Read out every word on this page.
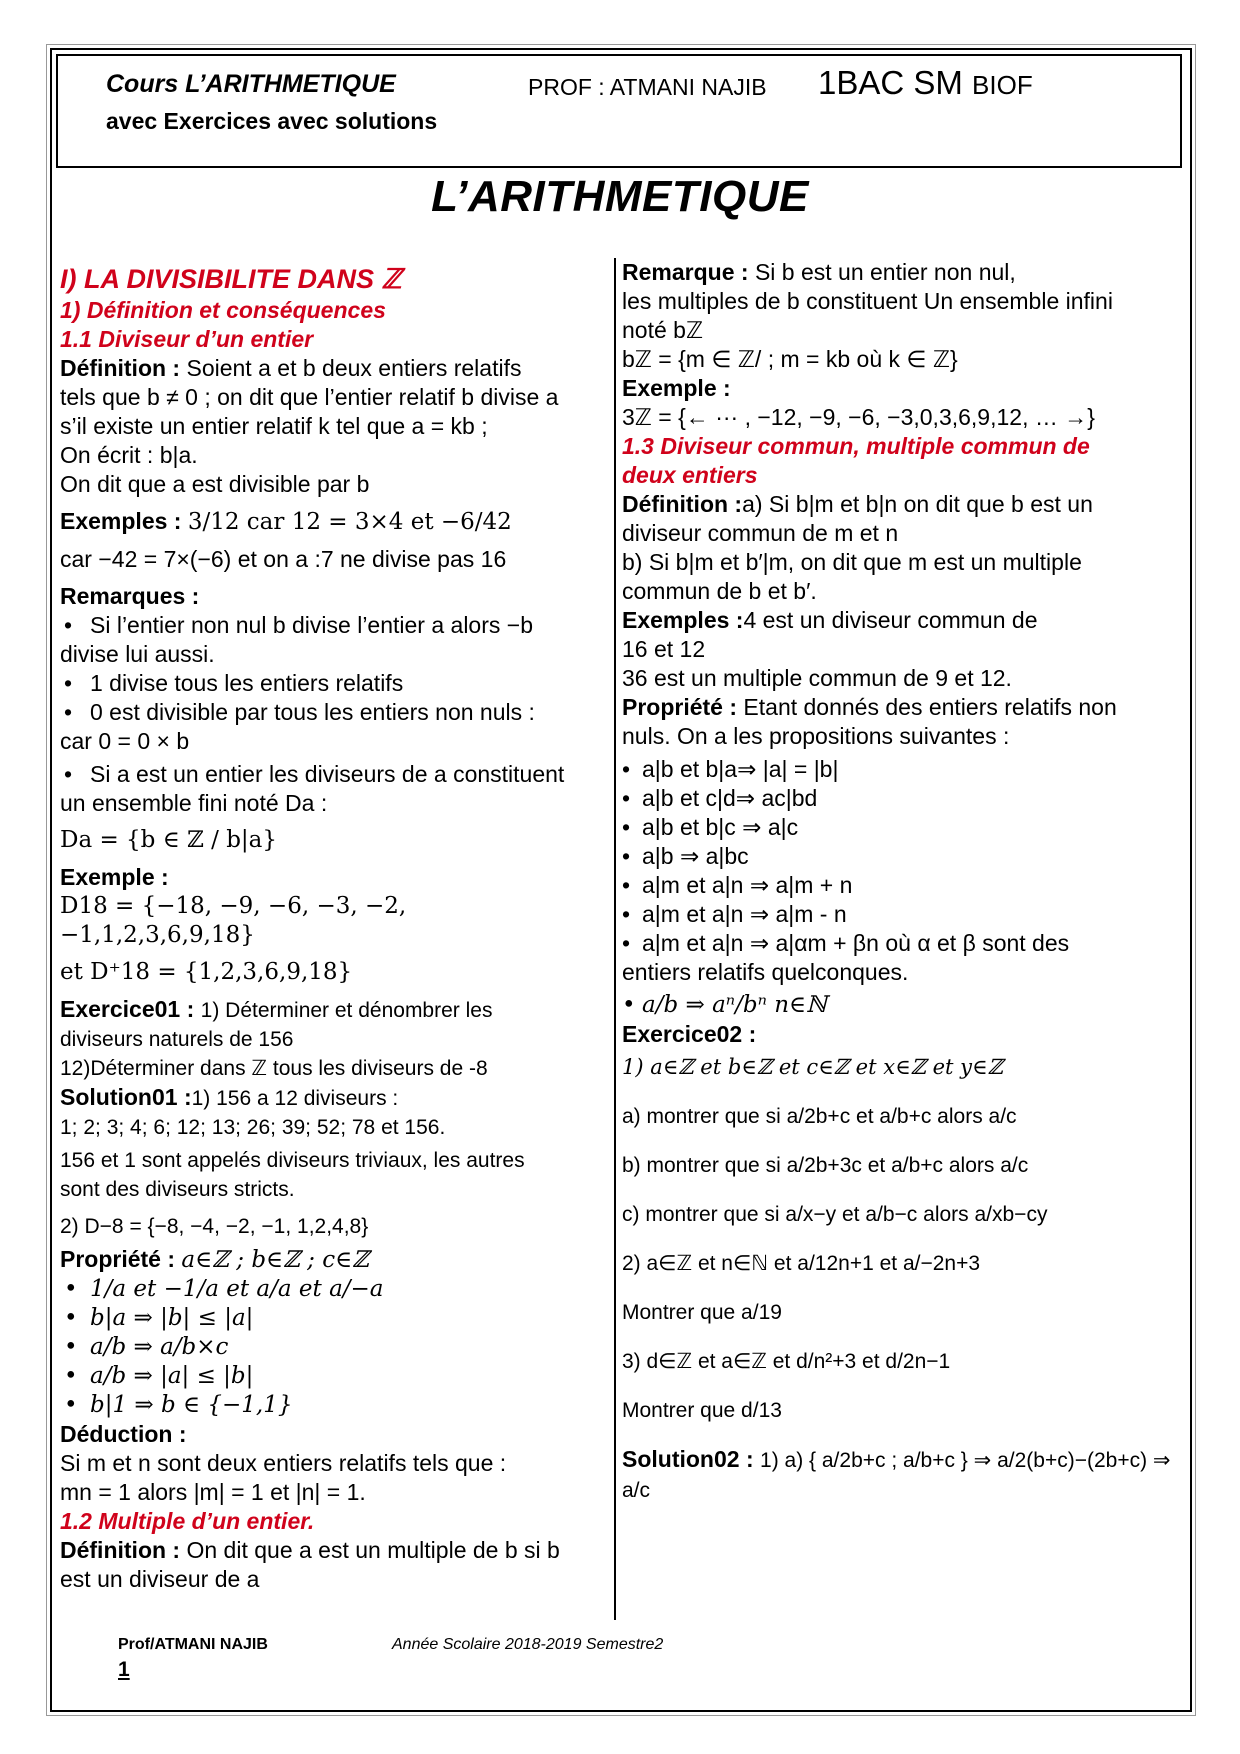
Cours L’ARITHMETIQUE	PROF : ATMANI NAJIB 1BAC SM BIOF
avec Exercices avec solutions
L’ARITHMETIQUE

I) LA DIVISIBILITE DANS ℤ

1) Définition et conséquences

1.1 Diviseur d’un entier

Définition : Soient a et b deux entiers relatifs

tels que b ≠ 0 ; on dit que l’entier relatif b divise a

s’il existe un entier relatif k tel que a = kb ;

On écrit : b|a.

On dit que a est divisible par b

Exemples : 3/12 car 12 = 3×4 et −6/42

car −42 = 7×(−6) et on a :7 ne divise pas 16

Remarques :

• Si l’entier non nul b divise l’entier a alors −b

divise lui aussi.

• 1 divise tous les entiers relatifs
• 0 est divisible par tous les entiers non nuls :

car 0 = 0 × b

• Si a est un entier les diviseurs de a constituent

un ensemble fini noté Da :

Da = {b ∈ ℤ / b|a}

Exemple :

D18 = {−18, −9, −6, −3, −2, −1,1,2,3,6,9,18}

et D⁺18 = {1,2,3,6,9,18}

Exercice01 : 1) Déterminer et dénombrer les

diviseurs naturels de 156

12)Déterminer dans ℤ tous les diviseurs de -8

Solution01 :1) 156 a 12 diviseurs :

1; 2; 3; 4; 6; 12; 13; 26; 39; 52; 78 et 156.

156 et 1 sont appelés diviseurs triviaux, les autres

sont des diviseurs stricts.

2) D−8 = {−8, −4, −2, −1, 1,2,4,8}

Propriété : a∈ℤ ; b∈ℤ ; c∈ℤ

• 1/a et −1/a et a/a et a/−a
• b|a ⇒ |b| ≤ |a|
• a/b ⇒ a/b×c
• a/b ⇒ |a| ≤ |b|
• b|1 ⇒ b ∈ {−1,1}

Déduction :

Si m et n sont deux entiers relatifs tels que :

mn = 1 alors |m| = 1 et |n| = 1.

1.2 Multiple d’un entier.

Définition : On dit que a est un multiple de b si b

est un diviseur de a

Remarque : Si b est un entier non nul,

les multiples de b constituent Un ensemble infini

noté bℤ

bℤ = {m ∈ ℤ/ ; m = kb où k ∈ ℤ}

Exemple :

3ℤ = {← ··· , −12, −9, −6, −3,0,3,6,9,12, … →}

1.3 Diviseur commun, multiple commun de

deux entiers

Définition :a) Si b|m et b|n on dit que b est un

diviseur commun de m et n

b) Si b|m et b′|m, on dit que m est un multiple

commun de b et b′.

Exemples :4 est un diviseur commun de

16 et 12

36 est un multiple commun de 9 et 12.

Propriété : Etant donnés des entiers relatifs non

nuls. On a les propositions suivantes :

• a|b et b|a⇒ |a| = |b|
• a|b et c|d⇒ ac|bd
• a|b et b|c ⇒ a|c
• a|b ⇒ a|bc
• a|m et a|n ⇒ a|m + n
• a|m et a|n ⇒ a|m - n
• a|m et a|n ⇒ a|αm + βn où α et β sont des

entiers relatifs quelconques.

• a/b ⇒ aⁿ/bⁿ n∈ℕ

Exercice02 :

1) a∈ℤ et b∈ℤ et c∈ℤ et x∈ℤ et y∈ℤ

a) montrer que si a/2b+c et a/b+c alors a/c

b) montrer que si a/2b+3c et a/b+c alors a/c

c) montrer que si a/x−y et a/b−c alors a/xb−cy

2) a∈ℤ et n∈ℕ et a/12n+1 et a/−2n+3

Montrer que a/19

3) d∈ℤ et a∈ℤ et d/n²+3 et d/2n−1

Montrer que d/13

Solution02 : 1) a) { a/2b+c ; a/b+c } ⇒ a/2(b+c)−(2b+c) ⇒ a/c

Prof/ATMANI NAJIB	Année Scolaire 2018-2019 Semestre2
1
